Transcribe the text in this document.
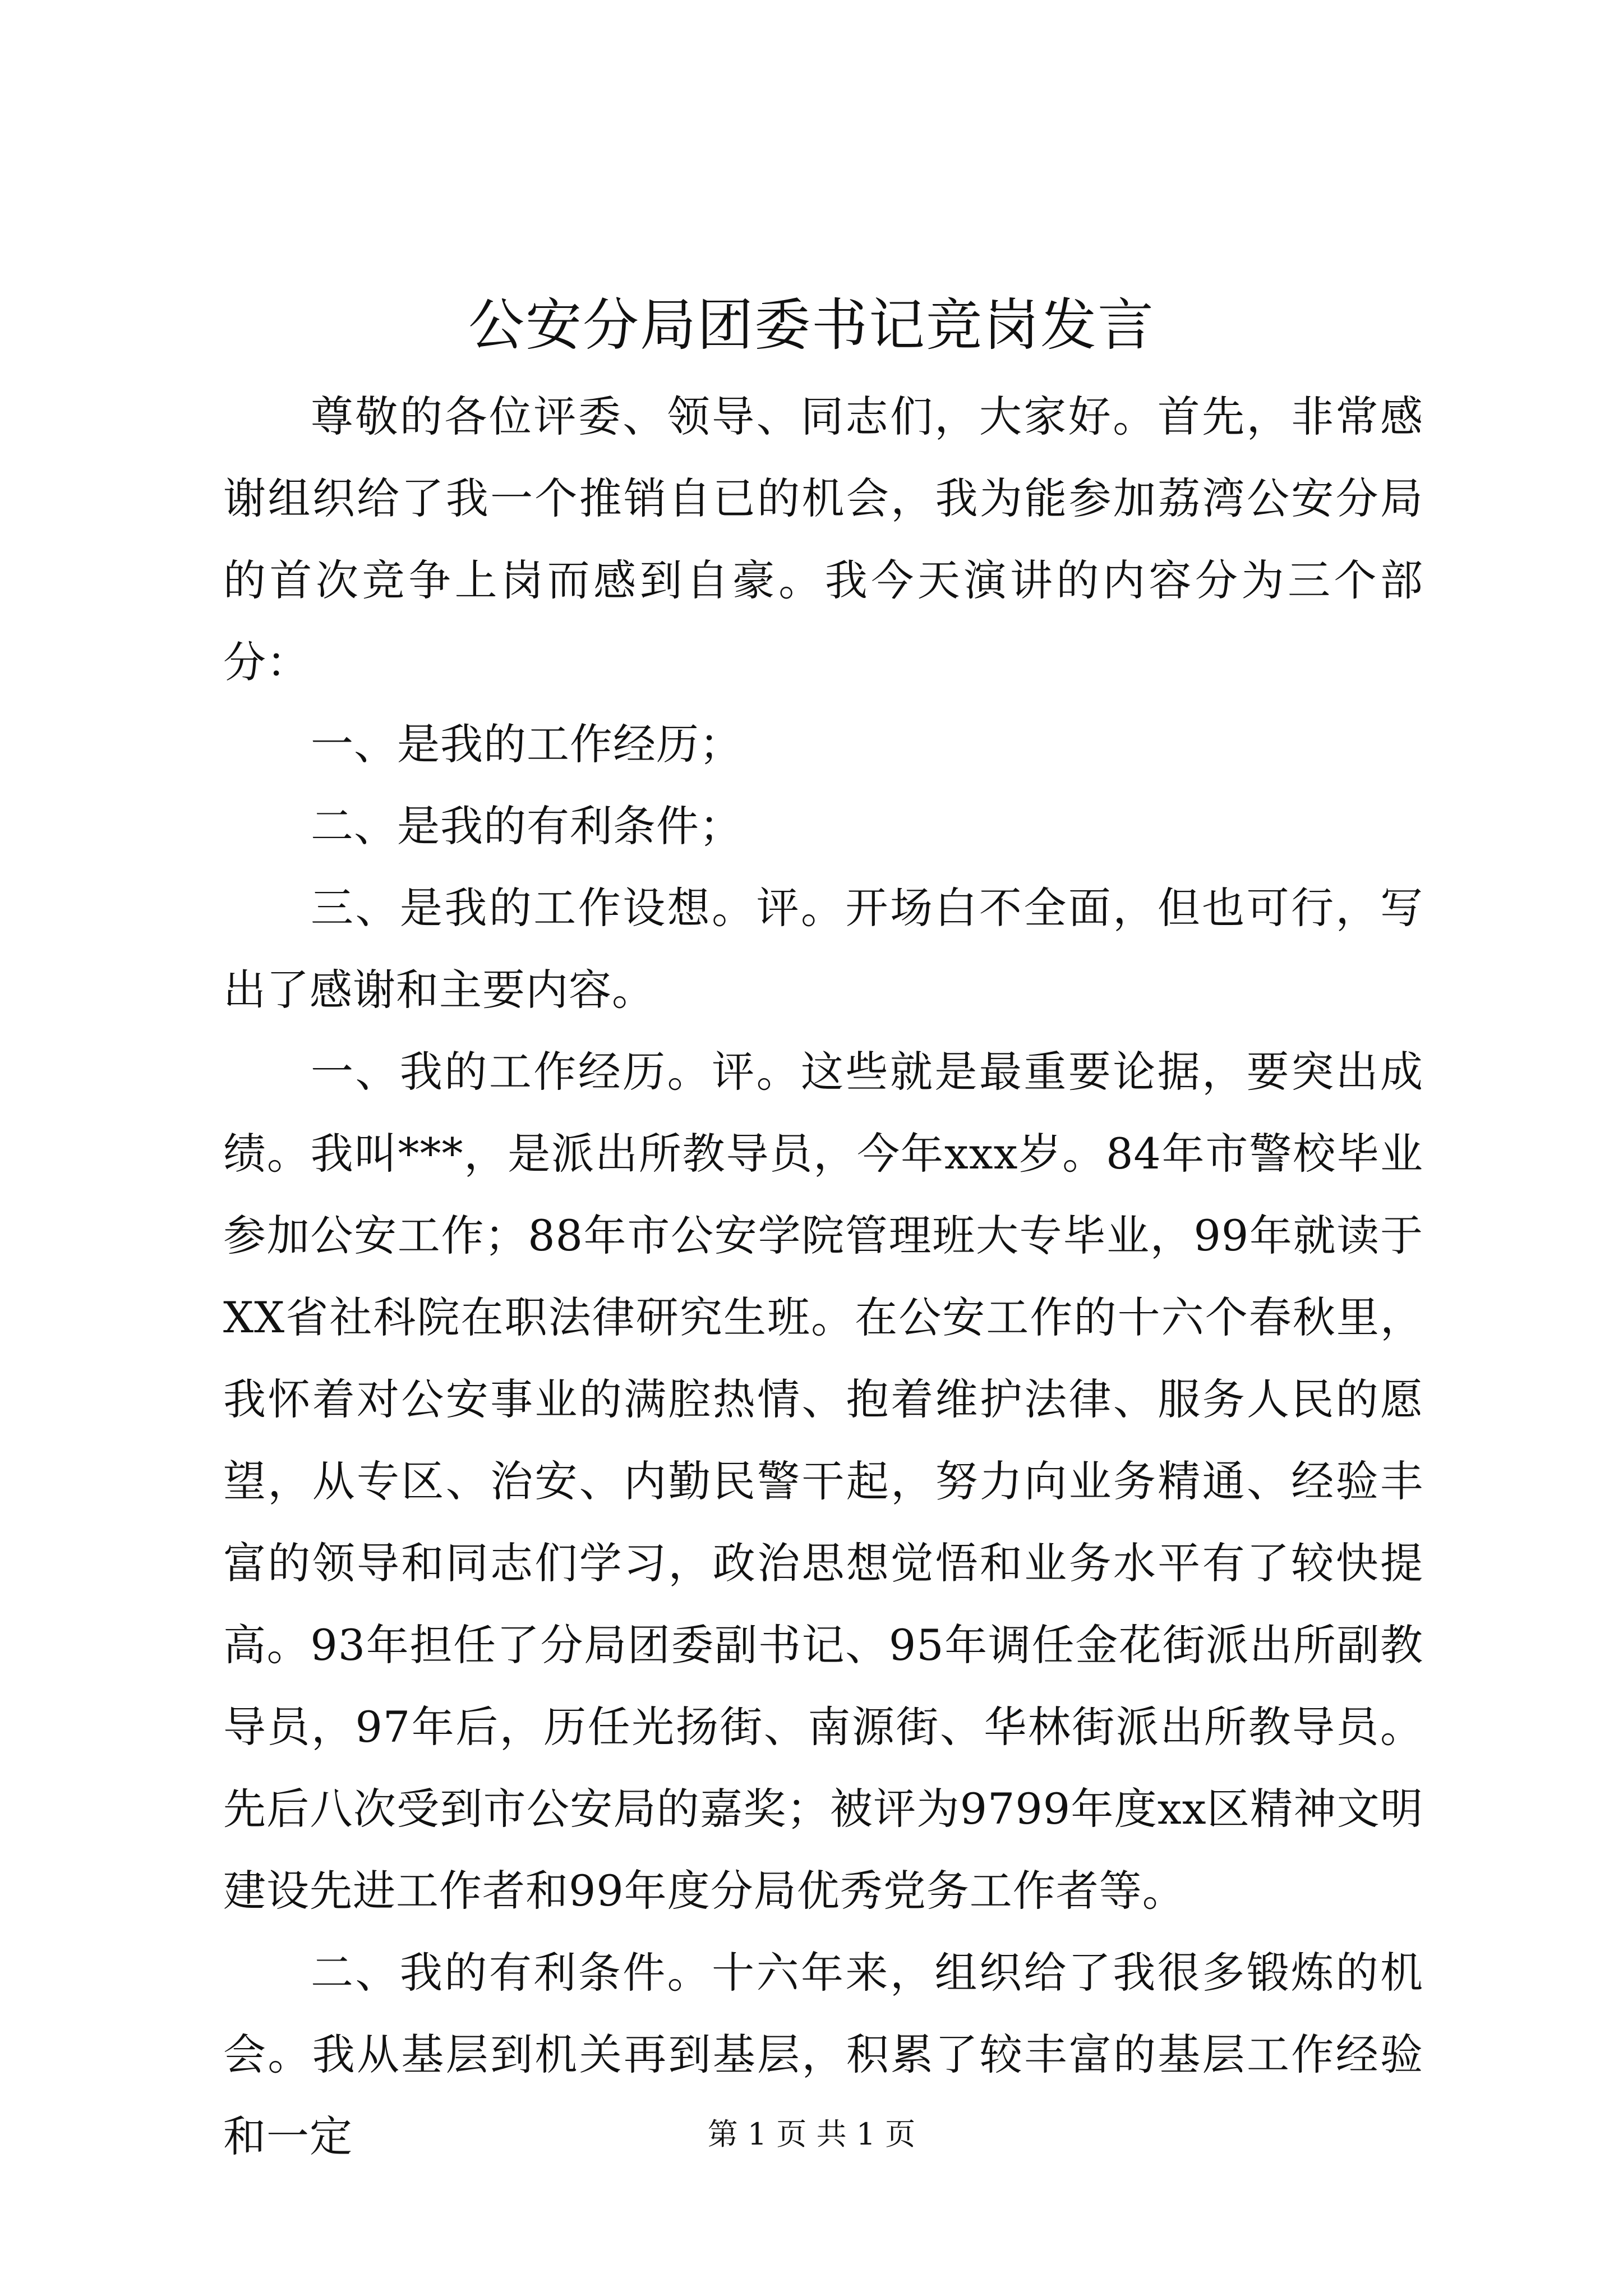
公安分局团委书记竞岗发言

尊敬的各位评委、领导、同志们，大家好。首先，非常感谢组织给了我一个推销自已的机会，我为能参加荔湾公安分局的首次竞争上岗而感到自豪。我今天演讲的内容分为三个部分：

一、是我的工作经历；

二、是我的有利条件；

三、是我的工作设想。评。开场白不全面，但也可行，写出了感谢和主要内容。

一、我的工作经历。评。这些就是最重要论据，要突出成绩。我叫***，是派出所教导员，今年xxx岁。84年市警校毕业参加公安工作；88年市公安学院管理班大专毕业，99年就读于XX省社科院在职法律研究生班。在公安工作的十六个春秋里，我怀着对公安事业的满腔热情、抱着维护法律、服务人民的愿望，从专区、治安、内勤民警干起，努力向业务精通、经验丰富的领导和同志们学习，政治思想觉悟和业务水平有了较快提高。93年担任了分局团委副书记、95年调任金花街派出所副教导员，97年后，历任光扬街、南源街、华林街派出所教导员。先后八次受到市公安局的嘉奖；被评为9799年度xx区精神文明建设先进工作者和99年度分局优秀党务工作者等。

二、我的有利条件。十六年来，组织给了我很多锻炼的机会。我从基层到机关再到基层，积累了较丰富的基层工作经验和一定	第 1 页 共 1 页
